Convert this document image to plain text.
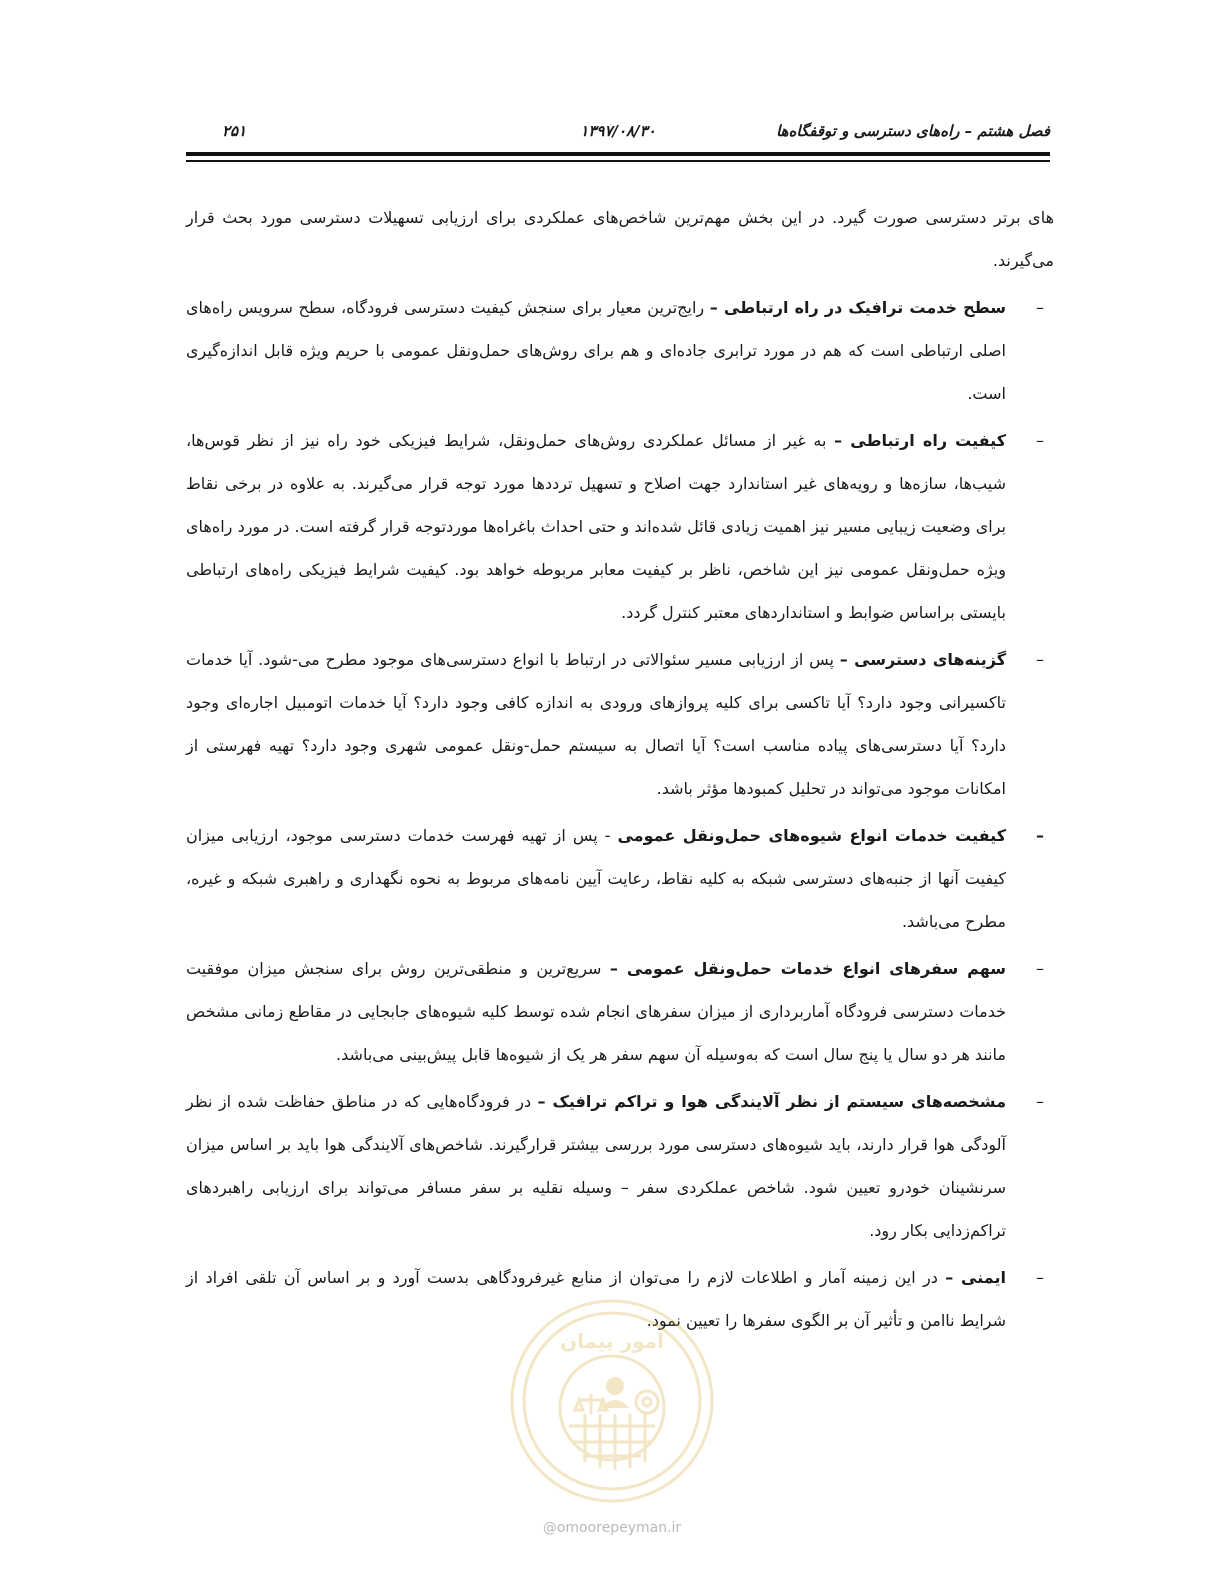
فصل هشتم – راه‌های دسترسی و توقفگاه‌ها
۱۳۹۷/۰۸/۳۰
۲۵۱

های برتر دسترسی صورت گیرد. در این بخش مهم‌ترین شاخص‌های عملکردی برای ارزیابی تسهیلات دسترسی مورد بحث قرار می‌گیرند.

–
سطح خدمت ترافیک در راه ارتباطی – رایج‌ترین معیار برای سنجش کیفیت دسترسی فرودگاه، سطح سرویس راه‌های اصلی ارتباطی است که هم در مورد ترابری جاده‌ای و هم برای روش‌های حمل‌ونقل عمومی با حریم ویژه قابل اندازه‌گیری است.
–
کیفیت راه ارتباطی – به غیر از مسائل عملکردی روش‌های حمل‌ونقل، شرایط فیزیکی خود راه نیز از نظر قوس‌ها، شیب‌ها، سازه‌ها و رویه‌های غیر استاندارد جهت اصلاح و تسهیل ترددها مورد توجه قرار می‌گیرند. به علاوه در برخی نقاط برای وضعیت زیبایی مسیر نیز اهمیت زیادی قائل شده‌اند و حتی احداث باغراه‌ها موردتوجه قرار گرفته است. در مورد راه‌های ویژه حمل‌ونقل عمومی نیز این شاخص، ناظر بر کیفیت معابر مربوطه خواهد بود. کیفیت شرایط فیزیکی راه‌های ارتباطی بایستی براساس ضوابط و استانداردهای معتبر کنترل گردد.
–
گزینه‌های دسترسی – پس از ارزیابی مسیر سئوالاتی در ارتباط با انواع دسترسی‌های موجود مطرح می-شود. آیا خدمات تاکسیرانی وجود دارد؟ آیا تاکسی برای کلیه پروازهای ورودی به اندازه کافی وجود دارد؟ آیا خدمات اتومبیل اجاره‌ای وجود دارد؟ آیا دسترسی‌های پیاده مناسب است؟ آیا اتصال به سیستم حمل-ونقل عمومی شهری وجود دارد؟ تهیه فهرستی از امکانات موجود می‌تواند در تحلیل کمبودها مؤثر باشد.
–
کیفیت خدمات انواع شیوه‌های حمل‌ونقل عمومی - پس از تهیه فهرست خدمات دسترسی موجود، ارزیابی میزان کیفیت آنها از جنبه‌های دسترسی شبکه به کلیه نقاط، رعایت آیین نامه‌های مربوط به نحوه نگهداری و راهبری شبکه و غیره، مطرح می‌باشد.
–
سهم سفرهای انواع خدمات حمل‌ونقل عمومی – سریع‌ترین و منطقی‌ترین روش برای سنجش میزان موفقیت خدمات دسترسی فرودگاه آماربرداری از میزان سفرهای انجام شده توسط کلیه شیوه‌های جابجایی در مقاطع زمانی مشخص مانند هر دو سال یا پنج سال است که به‌وسیله آن سهم سفر هر یک از شیوه‌ها قابل پیش‌بینی می‌باشد.
–
مشخصه‌های سیستم از نظر آلایندگی هوا و تراکم ترافیک – در فرودگاه‌هایی که در مناطق حفاظت شده از نظر آلودگی هوا قرار دارند، باید شیوه‌های دسترسی مورد بررسی بیشتر قرارگیرند. شاخص‌های آلایندگی هوا باید بر اساس میزان سرنشینان خودرو تعیین شود. شاخص عملکردی سفر – وسیله نقلیه بر سفر مسافر می‌تواند برای ارزیابی راهبردهای تراکم‌زدایی بکار رود.
–
ایمنی – در این زمینه آمار و اطلاعات لازم را می‌توان از منابع غیرفرودگاهی بدست آورد و بر اساس آن تلقی افراد از شرایط ناامن و تأثیر آن بر الگوی سفرها را تعیین نمود.
امور پیمان
@omoorepeyman.ir
